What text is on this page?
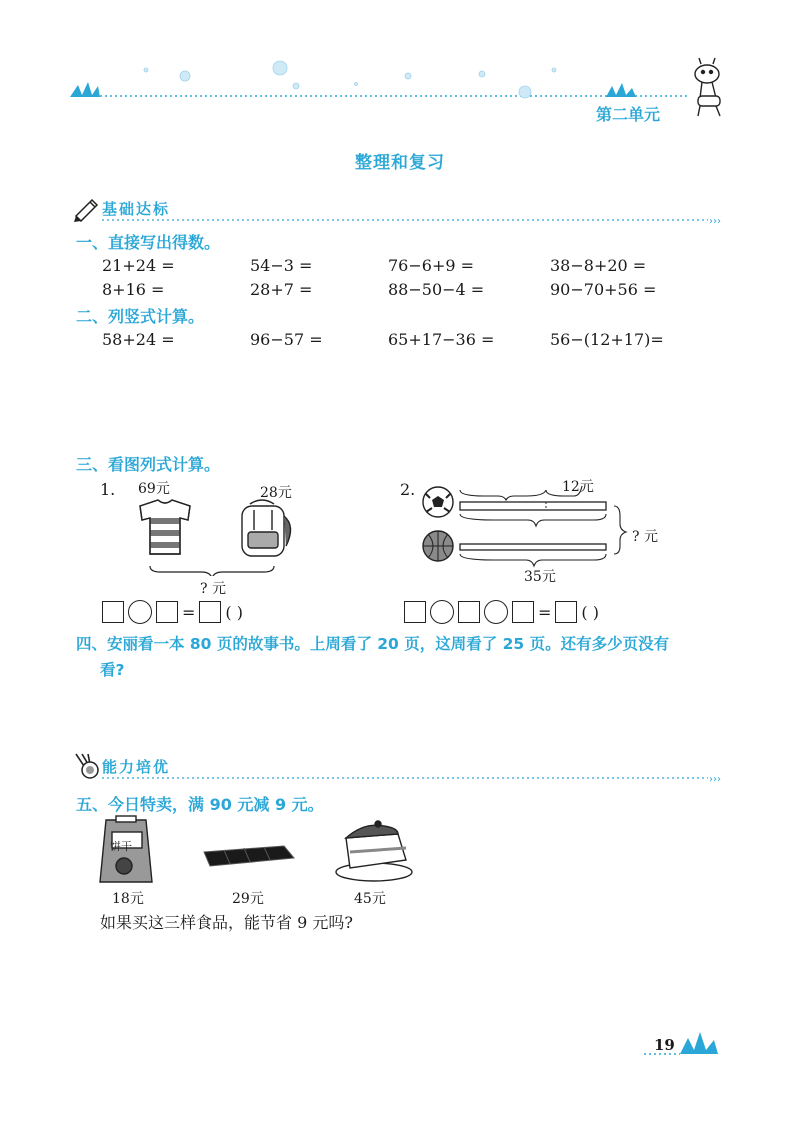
第二单元
整理和复习
基础达标
›››
一、直接写出得数。
21+24 =	54−3 =	76−6+9 =	38−8+20 =
8+16 =	28+7 =	88−50−4 =	90−70+56 =
二、列竖式计算。
58+24 =	96−57 =	65+17−36 =	56−(12+17)=
三、看图列式计算。
1. 69元	28元
? 元
= ( )
2.	12元
? 元
35元
= ( )
四、安丽看一本 80 页的故事书。上周看了 20 页，这周看了 25 页。还有多少页没有
看?
能力培优
›››
五、今日特卖，满 90 元减 9 元。
饼干
18元	29元	45元
如果买这三样食品，能节省 9 元吗?
19
